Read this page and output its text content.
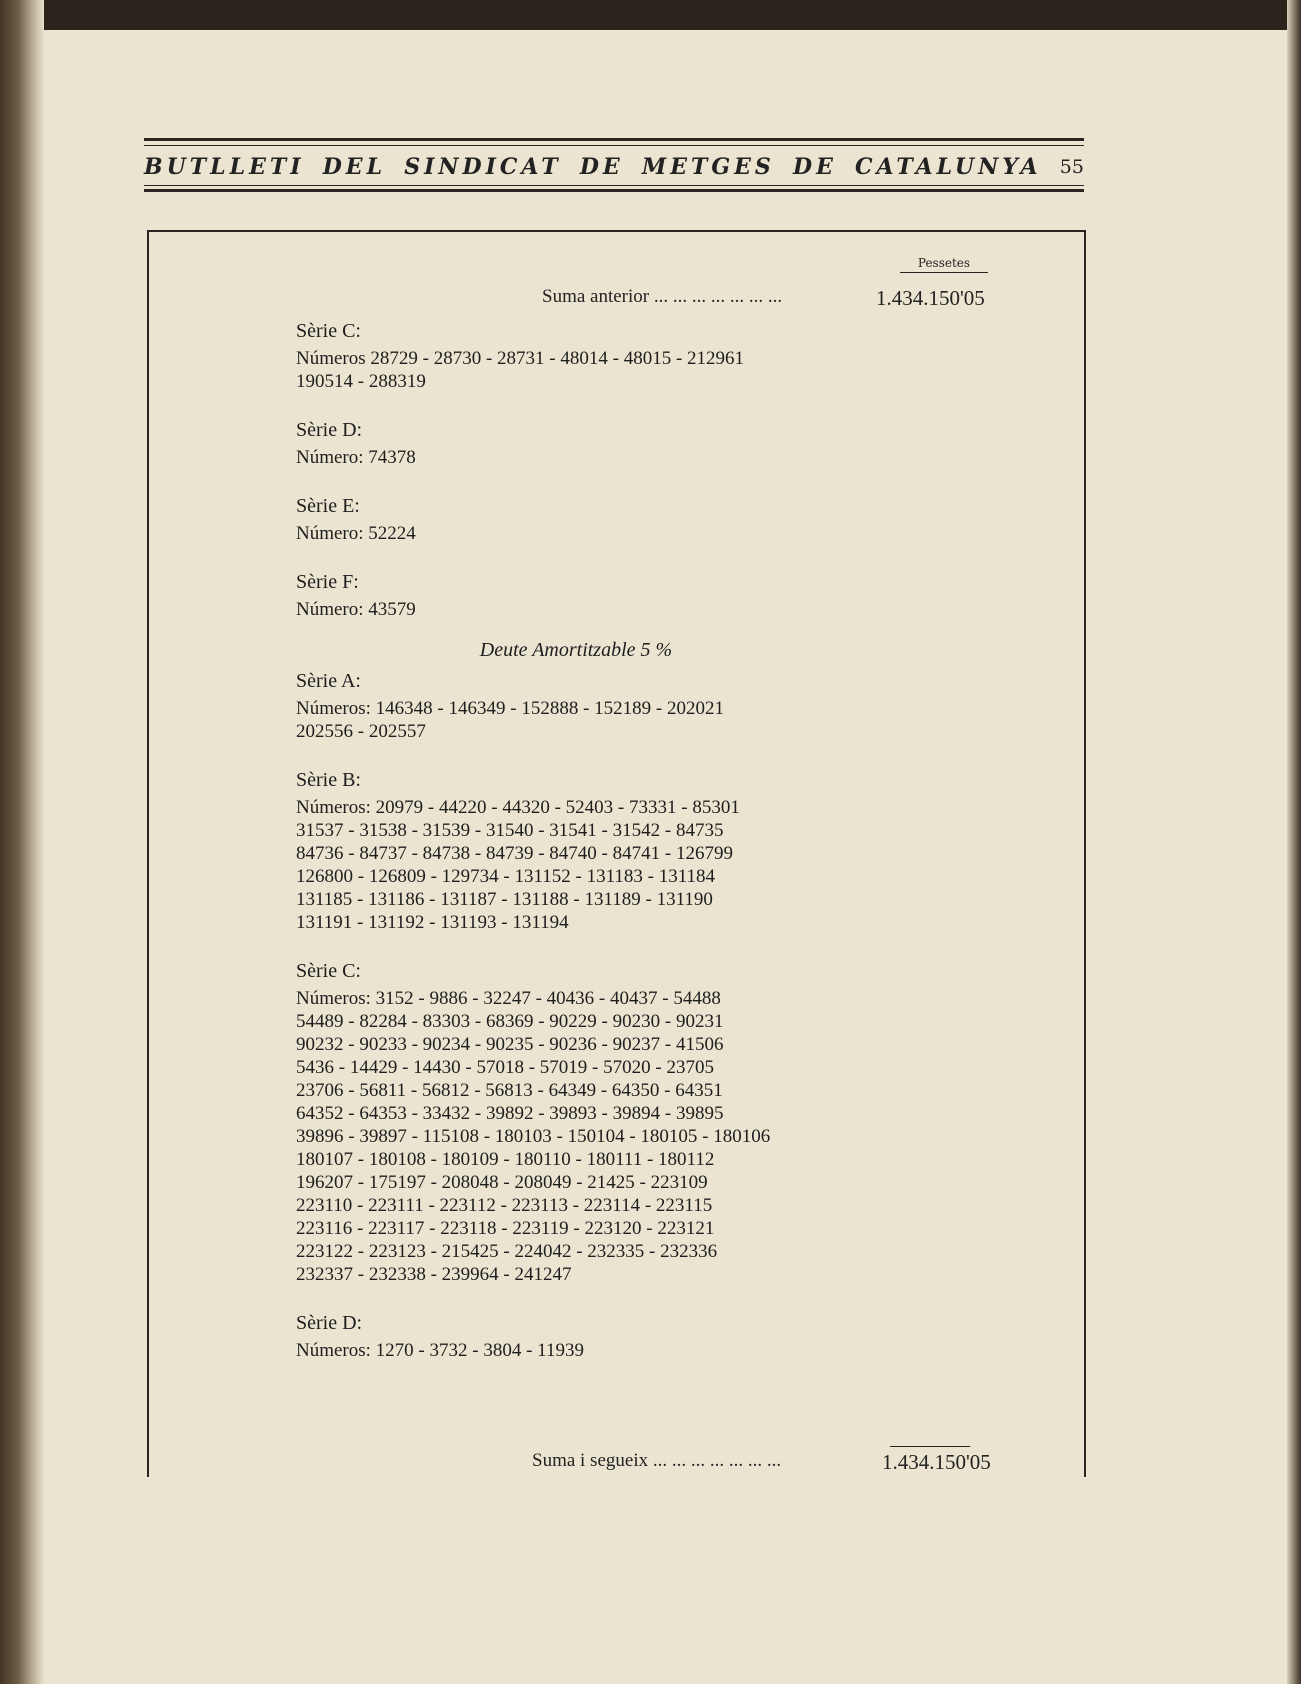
BUTLLETI DEL SINDICAT DE METGES DE CATALUNYA 55
Pessetes
Suma anterior ... ... ... ... ... ... ...	1.434.150'05

Sèrie C:

Números 28729 - 28730 - 28731 - 48014 - 48015 - 212961
190514 - 288319

Sèrie D:

Número: 74378

Sèrie E:

Número: 52224

Sèrie F:

Número: 43579
Deute Amortitzable 5 %

Sèrie A:

Números: 146348 - 146349 - 152888 - 152189 - 202021
202556 - 202557

Sèrie B:

Números: 20979 - 44220 - 44320 - 52403 - 73331 - 85301
31537 - 31538 - 31539 - 31540 - 31541 - 31542 - 84735
84736 - 84737 - 84738 - 84739 - 84740 - 84741 - 126799
126800 - 126809 - 129734 - 131152 - 131183 - 131184
131185 - 131186 - 131187 - 131188 - 131189 - 131190
131191 - 131192 - 131193 - 131194

Sèrie C:

Números: 3152 - 9886 - 32247 - 40436 - 40437 - 54488
54489 - 82284 - 83303 - 68369 - 90229 - 90230 - 90231
90232 - 90233 - 90234 - 90235 - 90236 - 90237 - 41506
5436 - 14429 - 14430 - 57018 - 57019 - 57020 - 23705
23706 - 56811 - 56812 - 56813 - 64349 - 64350 - 64351
64352 - 64353 - 33432 - 39892 - 39893 - 39894 - 39895
39896 - 39897 - 115108 - 180103 - 150104 - 180105 - 180106
180107 - 180108 - 180109 - 180110 - 180111 - 180112
196207 - 175197 - 208048 - 208049 - 21425 - 223109
223110 - 223111 - 223112 - 223113 - 223114 - 223115
223116 - 223117 - 223118 - 223119 - 223120 - 223121
223122 - 223123 - 215425 - 224042 - 232335 - 232336
232337 - 232338 - 239964 - 241247

Sèrie D:

Números: 1270 - 3732 - 3804 - 11939
Suma i segueix ... ... ... ... ... ... ...	1.434.150'05
